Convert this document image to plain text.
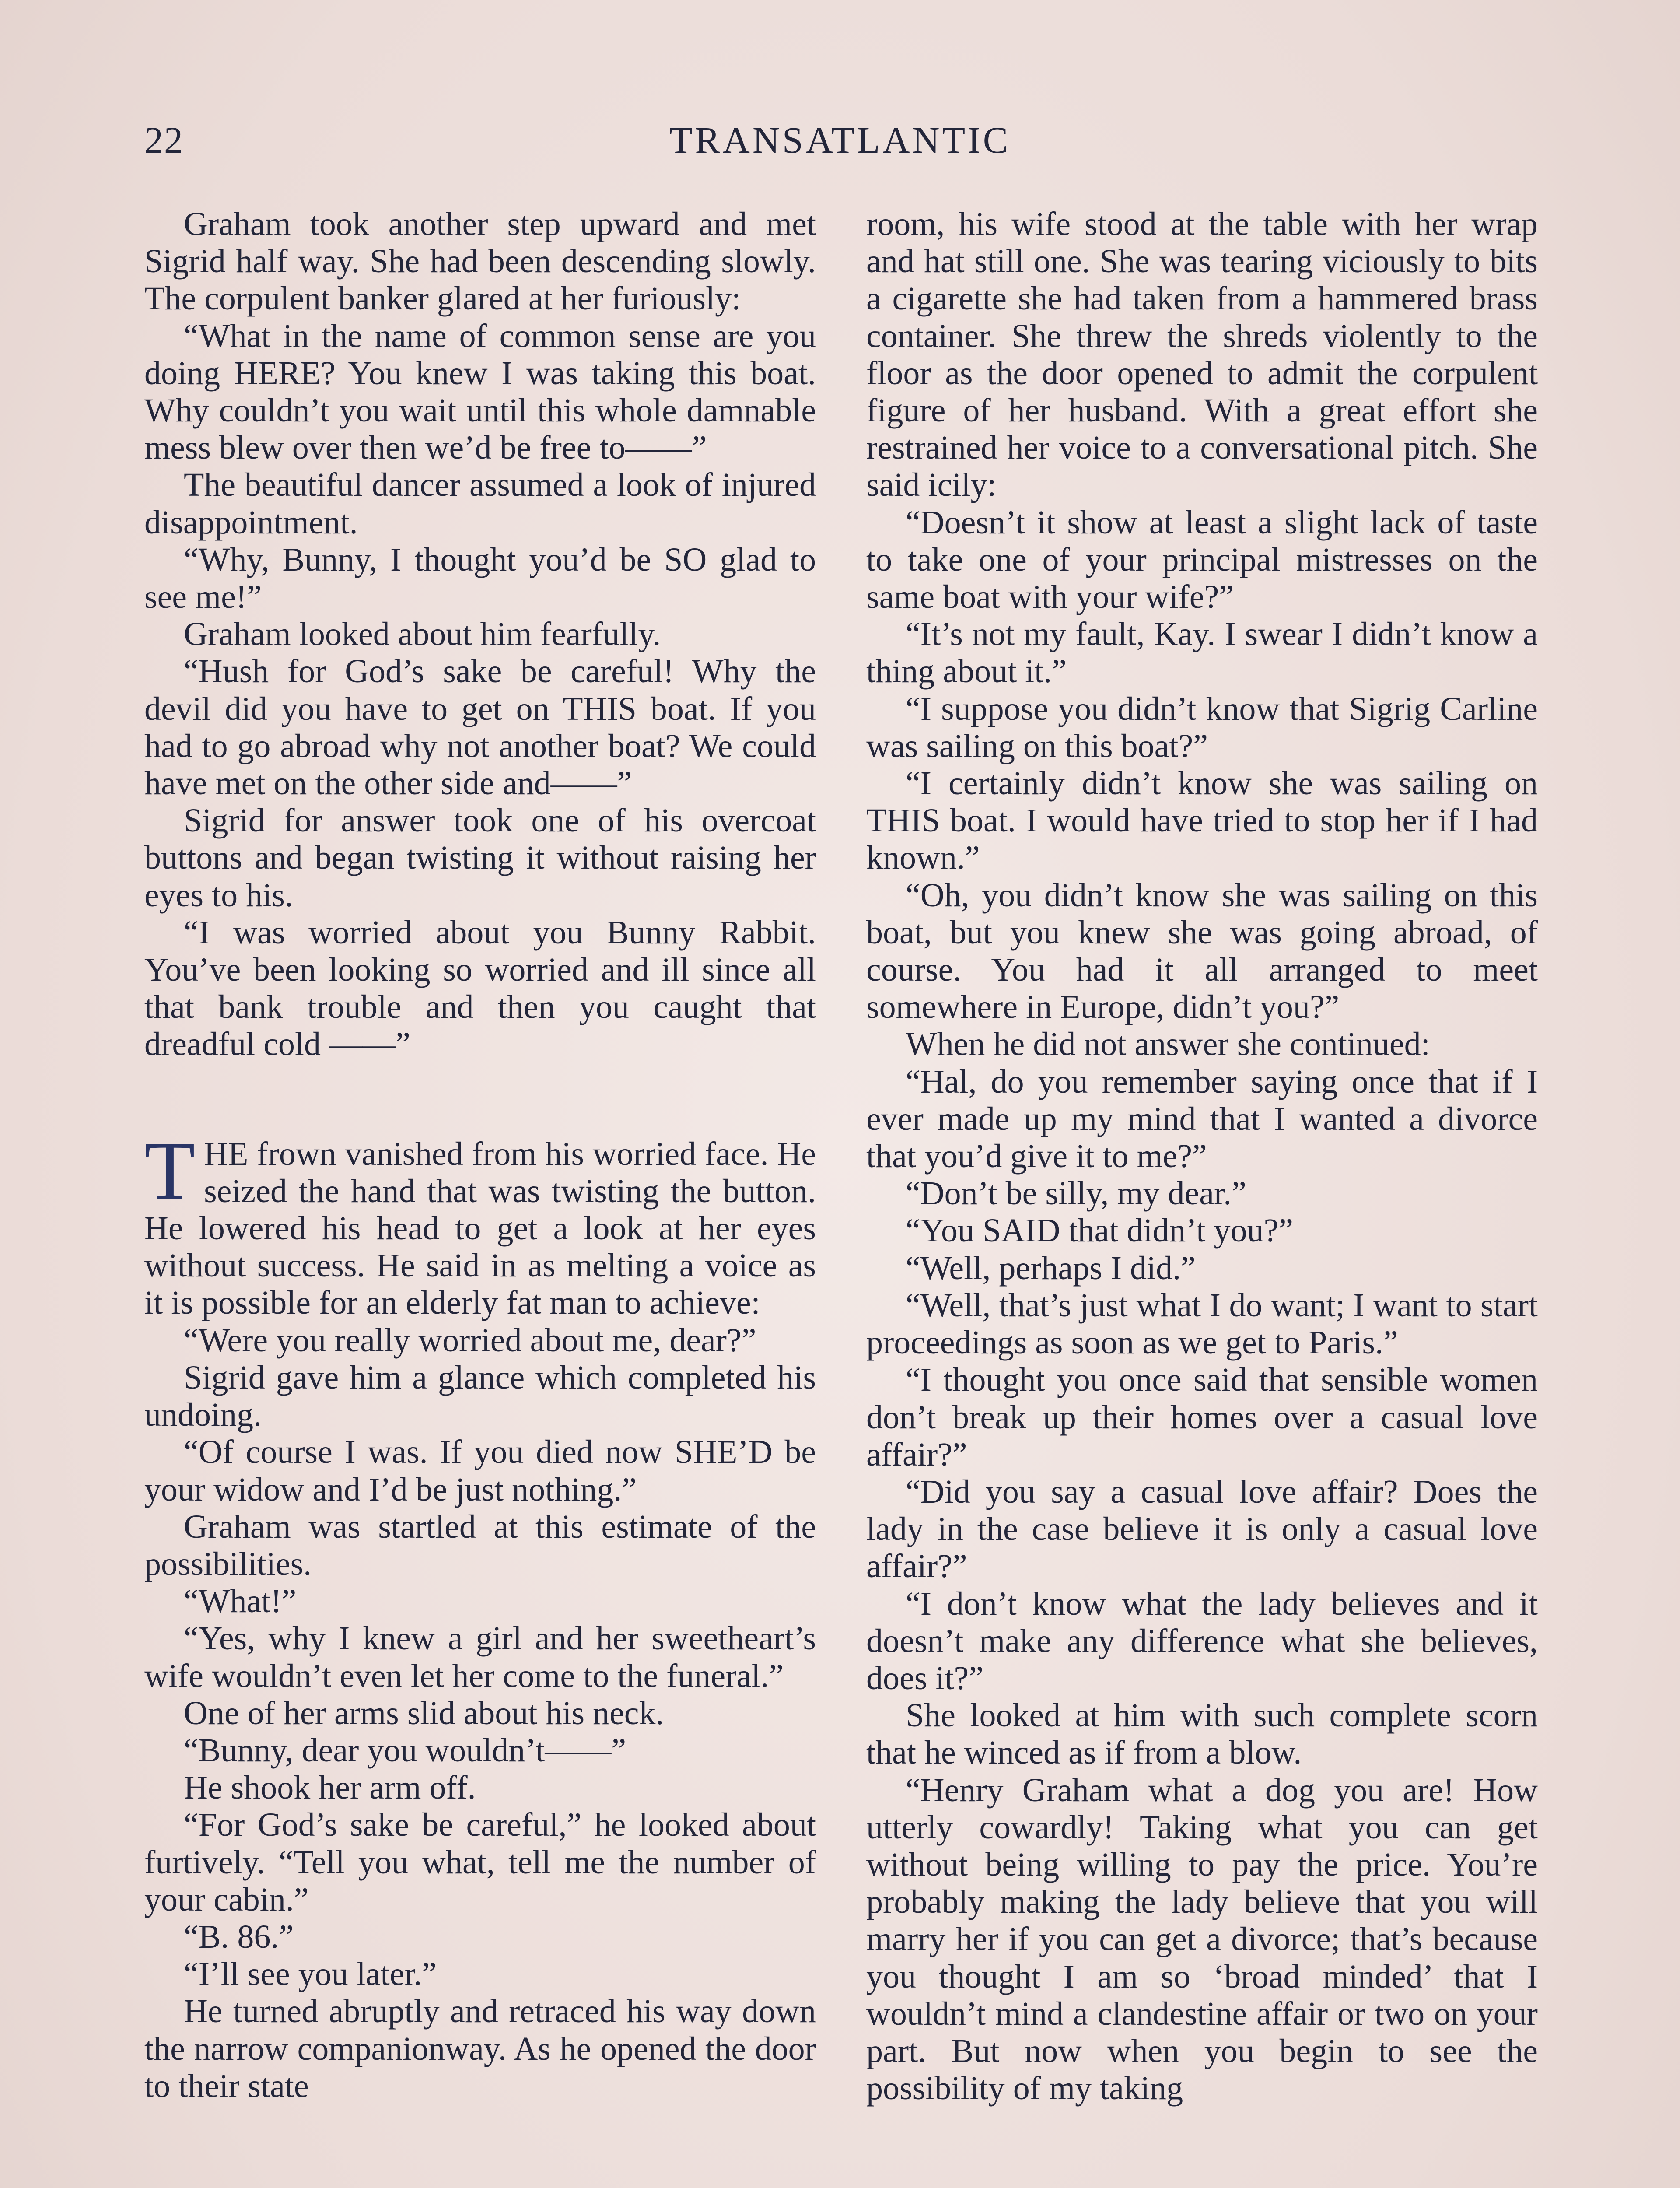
22	TRANSATLANTIC

Graham took another step upward and met Sigrid half way. She had been descending slowly. The corpulent banker glared at her furiously:

“What in the name of common sense are you doing HERE? You knew I was taking this boat. Why couldn’t you wait until this whole damnable mess blew over then we’d be free to——”

The beautiful dancer assumed a look of injured disappointment.

“Why, Bunny, I thought you’d be SO glad to see me!”

Graham looked about him fearfully.

“Hush for God’s sake be careful! Why the devil did you have to get on THIS boat. If you had to go abroad why not another boat? We could have met on the other side and——”

Sigrid for answer took one of his overcoat buttons and began twisting it without raising her eyes to his.

“I was worried about you Bunny Rabbit. You’ve been looking so worried and ill since all that bank trouble and then you caught that dreadful cold ——”

THE frown vanished from his worried face. He seized the hand that was twisting the button. He lowered his head to get a look at her eyes without success. He said in as melting a voice as it is possible for an elderly fat man to achieve:

“Were you really worried about me, dear?”

Sigrid gave him a glance which completed his undoing.

“Of course I was. If you died now SHE’D be your widow and I’d be just nothing.”

Graham was startled at this estimate of the possibilities.

“What!”

“Yes, why I knew a girl and her sweetheart’s wife wouldn’t even let her come to the funeral.”

One of her arms slid about his neck.

“Bunny, dear you wouldn’t——”

He shook her arm off.

“For God’s sake be careful,” he looked about furtively. “Tell you what, tell me the number of your cabin.”

“B. 86.”

“I’ll see you later.”

He turned abruptly and retraced his way down the narrow companionway. As he opened the door to their state

room, his wife stood at the table with her wrap and hat still one. She was tearing viciously to bits a cigarette she had taken from a hammered brass container. She threw the shreds violently to the floor as the door opened to admit the corpulent figure of her husband. With a great effort she restrained her voice to a conversational pitch. She said icily:

“Doesn’t it show at least a slight lack of taste to take one of your principal mistresses on the same boat with your wife?”

“It’s not my fault, Kay. I swear I didn’t know a thing about it.”

“I suppose you didn’t know that Sigrig Carline was sailing on this boat?”

“I certainly didn’t know she was sailing on THIS boat. I would have tried to stop her if I had known.”

“Oh, you didn’t know she was sailing on this boat, but you knew she was going abroad, of course. You had it all arranged to meet somewhere in Europe, didn’t you?”

When he did not answer she continued:

“Hal, do you remember saying once that if I ever made up my mind that I wanted a divorce that you’d give it to me?”

“Don’t be silly, my dear.”

“You SAID that didn’t you?”

“Well, perhaps I did.”

“Well, that’s just what I do want; I want to start proceedings as soon as we get to Paris.”

“I thought you once said that sensible women don’t break up their homes over a casual love affair?”

“Did you say a casual love affair? Does the lady in the case believe it is only a casual love affair?”

“I don’t know what the lady believes and it doesn’t make any difference what she believes, does it?”

She looked at him with such complete scorn that he winced as if from a blow.

“Henry Graham what a dog you are! How utterly cowardly! Taking what you can get without being willing to pay the price. You’re probably making the lady believe that you will marry her if you can get a divorce; that’s because you thought I am so ‘broad minded’ that I wouldn’t mind a clandestine affair or two on your part. But now when you begin to see the possibility of my taking
